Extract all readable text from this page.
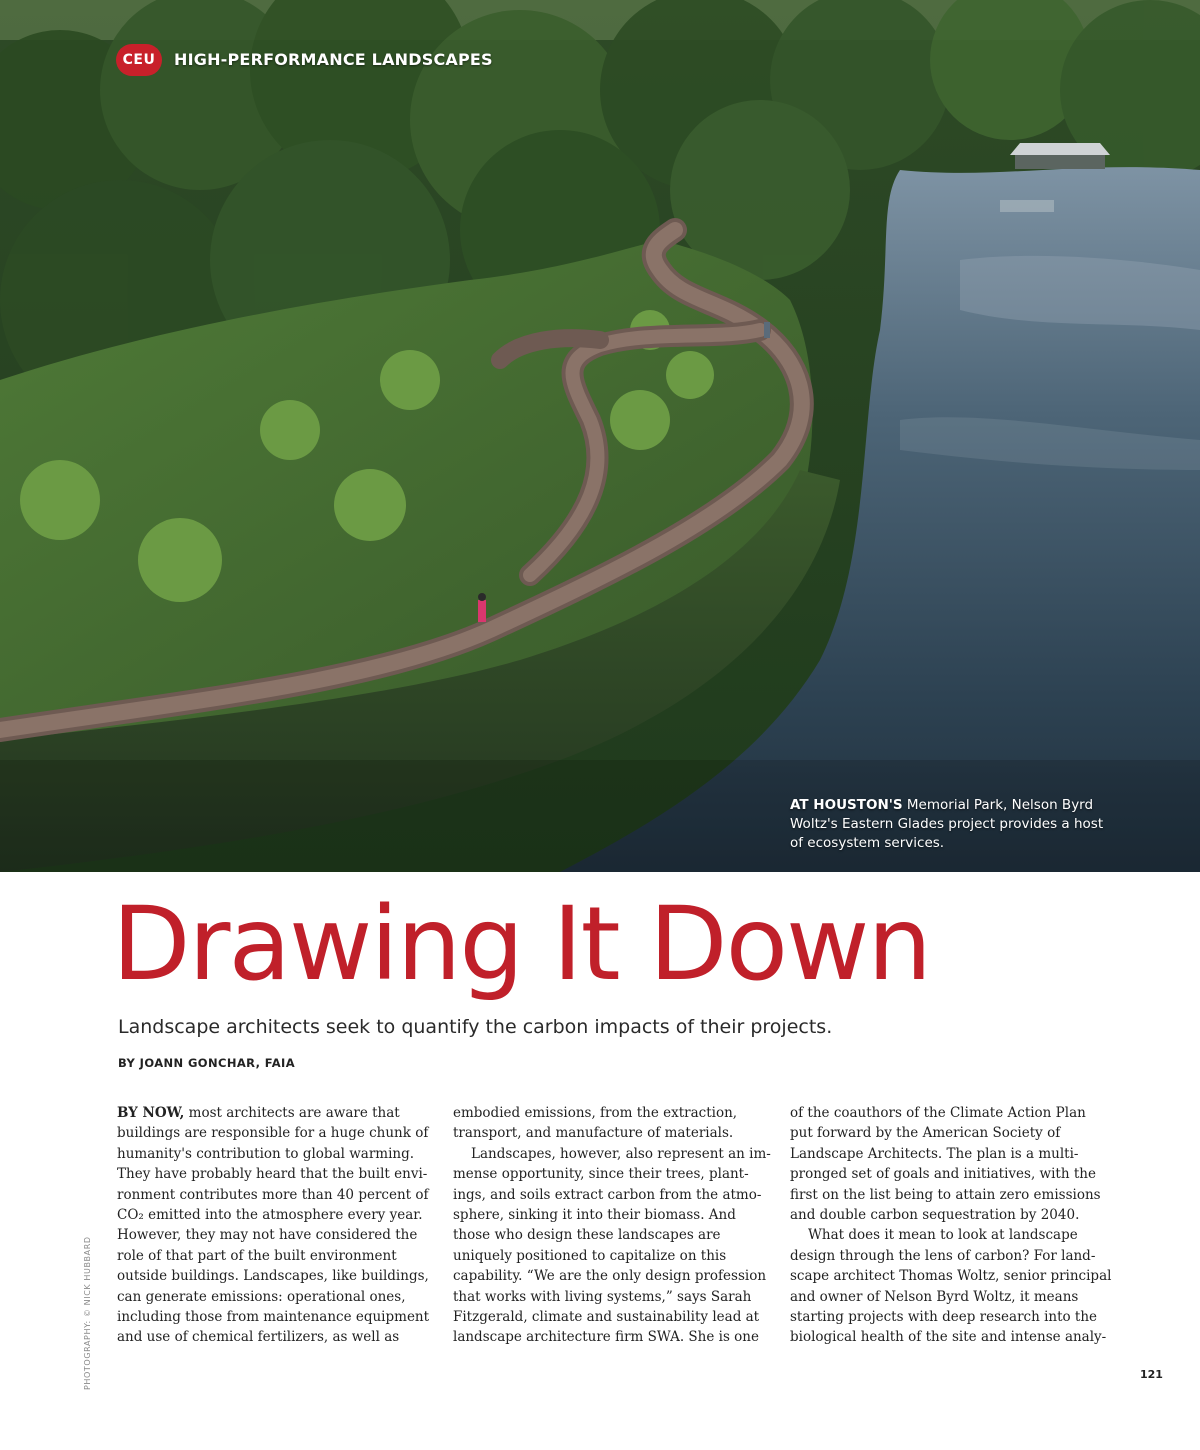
CEU	HIGH-PERFORMANCE LANDSCAPES
AT HOUSTON'S Memorial Park, Nelson Byrd
Woltz's Eastern Glades project provides a host
of ecosystem services.
Drawing It Down
Landscape architects seek to quantify the carbon impacts of their projects.
BY JOANN GONCHAR, FAIA
PHOTOGRAPHY: © NICK HUBBARD

BY NOW, most architects are aware that

buildings are responsible for a huge chunk of

humanity's contribution to global warming.

They have probably heard that the built envi-

ronment contributes more than 40 percent of

CO₂ emitted into the atmosphere every year.

However, they may not have considered the

role of that part of the built environment

outside buildings. Landscapes, like buildings,

can generate emissions: operational ones,

including those from maintenance equipment

and use of chemical fertilizers, as well as

embodied emissions, from the extraction,

transport, and manufacture of materials.

Landscapes, however, also represent an im-

mense opportunity, since their trees, plant-

ings, and soils extract carbon from the atmo-

sphere, sinking it into their biomass. And

those who design these landscapes are

uniquely positioned to capitalize on this

capability. “We are the only design profession

that works with living systems,” says Sarah

Fitzgerald, climate and sustainability lead at

landscape architecture firm SWA. She is one

of the coauthors of the Climate Action Plan

put forward by the American Society of

Landscape Architects. The plan is a multi-

pronged set of goals and initiatives, with the

first on the list being to attain zero emissions

and double carbon sequestration by 2040.

What does it mean to look at landscape

design through the lens of carbon? For land-

scape architect Thomas Woltz, senior principal

and owner of Nelson Byrd Woltz, it means

starting projects with deep research into the

biological health of the site and intense analy-

121
